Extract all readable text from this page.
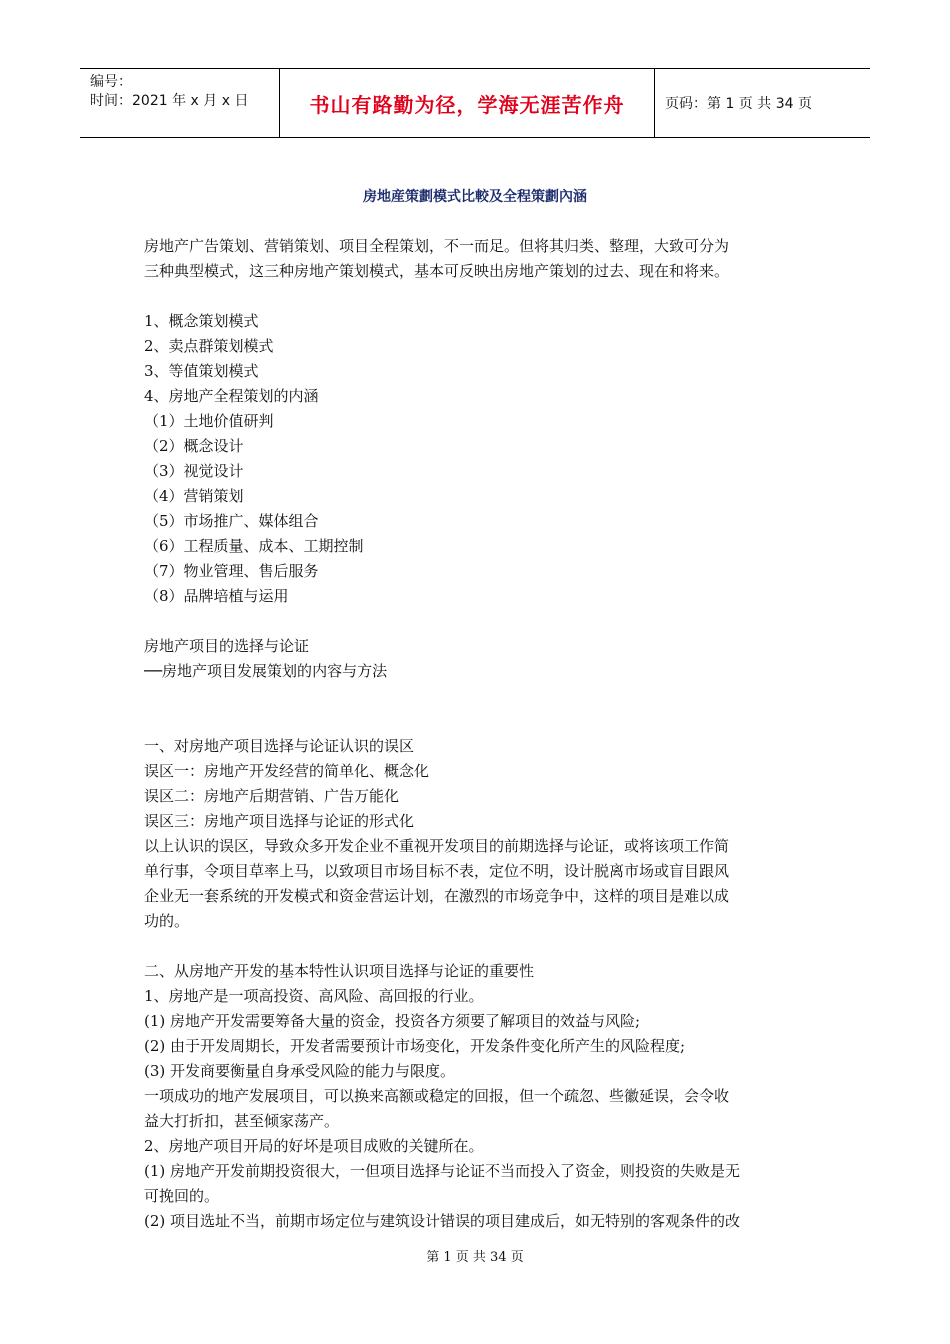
编号：
时间：2021 年 x 月 x 日	书山有路勤为径，学海无涯苦作舟	页码：第 1 页 共 34 页
房地産策劃模式比較及全程策劃內涵

房地产广告策划、营销策划、项目全程策划，不一而足。但将其归类、整理，大致可分为

三种典型模式，这三种房地产策划模式，基本可反映出房地产策划的过去、现在和将来。

1、概念策划模式

2、卖点群策划模式

3、等值策划模式

4、房地产全程策划的内涵

（1）土地价值研判

（2）概念设计

（3）视觉设计

（4）营销策划

（5）市场推广、媒体组合

（6）工程质量、成本、工期控制

（7）物业管理、售后服务

（8）品牌培植与运用

房地产项目的选择与论证

──房地产项目发展策划的内容与方法

一、对房地产项目选择与论证认识的误区

误区一：房地产开发经营的简单化、概念化

误区二：房地产后期营销、广告万能化

误区三：房地产项目选择与论证的形式化

以上认识的误区，导致众多开发企业不重视开发项目的前期选择与论证，或将该项工作简

单行事，令项目草率上马，以致项目市场目标不表，定位不明，设计脱离市场或盲目跟风

企业无一套系统的开发模式和资金营运计划，在激烈的市场竞争中，这样的项目是难以成

功的。

二、从房地产开发的基本特性认识项目选择与论证的重要性

1、房地产是一项高投资、高风险、高回报的行业。

(1) 房地产开发需要筹备大量的资金，投资各方须要了解项目的效益与风险;

(2) 由于开发周期长，开发者需要预计市场变化，开发条件变化所产生的风险程度;

(3) 开发商要衡量自身承受风险的能力与限度。

一项成功的地产发展项目，可以换来高额或稳定的回报，但一个疏忽、些徽延误，会令收

益大打折扣，甚至倾家荡产。

2、房地产项目开局的好坏是项目成败的关键所在。

(1) 房地产开发前期投资很大，一但项目选择与论证不当而投入了资金，则投资的失败是无

可挽回的。

(2) 项目选址不当，前期市场定位与建筑设计错误的项目建成后，如无特别的客观条件的改

第 1 页 共 34 页
